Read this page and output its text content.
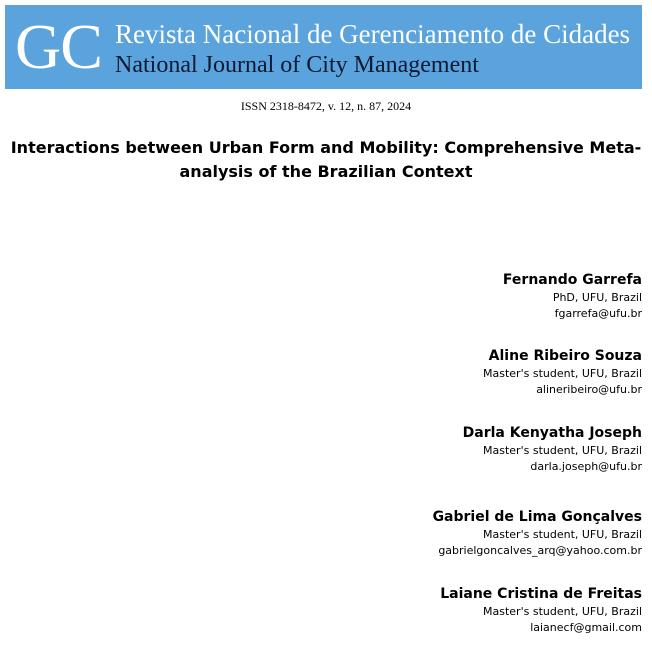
GC Revista Nacional de Gerenciamento de Cidades
National Journal of City Management
ISSN 2318-8472, v. 12, n. 87, 2024
Interactions between Urban Form and Mobility: Comprehensive Meta-
analysis of the Brazilian Context
Fernando Garrefa
PhD, UFU, Brazil
fgarrefa@ufu.br
Aline Ribeiro Souza
Master's student, UFU, Brazil
alineribeiro@ufu.br
Darla Kenyatha Joseph
Master's student, UFU, Brazil
darla.joseph@ufu.br
Gabriel de Lima Gonçalves
Master's student, UFU, Brazil
gabrielgoncalves_arq@yahoo.com.br
Laiane Cristina de Freitas
Master's student, UFU, Brazil
laianecf@gmail.com
